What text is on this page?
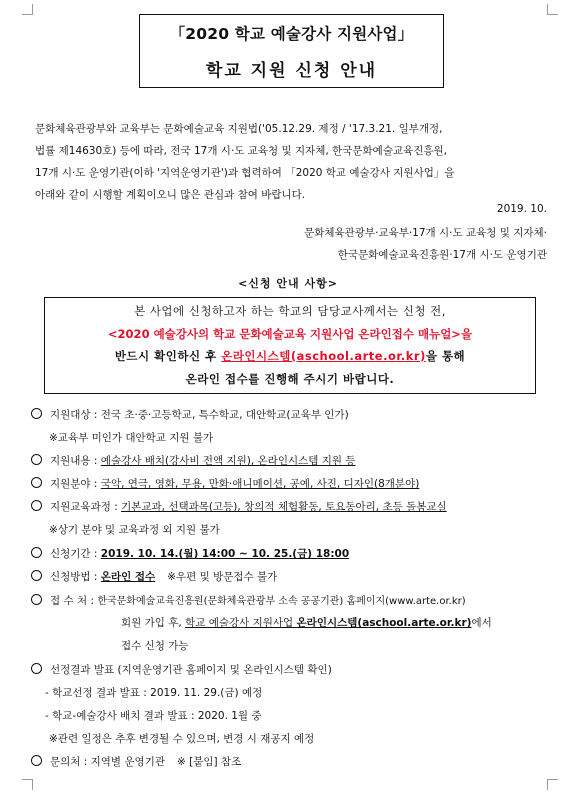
「2020 학교 예술강사 지원사업」
학교 지원 신청 안내

문화체육관광부와 교육부는 문화예술교육 지원법('05.12.29. 제정 / '17.3.21. 일부개정,

법률 제14630호) 등에 따라, 전국 17개 시·도 교육청 및 지자체, 한국문화예술교육진흥원,

17개 시·도 운영기관(이하 '지역운영기관')과 협력하여 「2020 학교 예술강사 지원사업」을

아래와 같이 시행할 계획이오니 많은 관심과 참여 바랍니다.

2019. 10.
문화체육관광부·교육부·17개 시·도 교육청 및 지자체·
한국문화예술교육진흥원·17개 시·도 운영기관
<신청 안내 사항>
본 사업에 신청하고자 하는 학교의 담당교사께서는 신청 전,
<2020 예술강사의 학교 문화예술교육 지원사업 온라인접수 매뉴얼>을
반드시 확인하신 후 온라인시스템(aschool.arte.or.kr)을 통해
온라인 접수를 진행해 주시기 바랍니다.
지원대상 : 전국 초·중·고등학교, 특수학교, 대안학교(교육부 인가)
※교육부 미인가 대안학교 지원 불가
지원내용 : 예술강사 배치(강사비 전액 지원), 온라인시스템 지원 등
지원분야 : 국악, 연극, 영화, 무용, 만화·애니메이션, 공예, 사진, 디자인(8개분야)
지원교육과정 : 기본교과, 선택과목(고등), 창의적 체험활동, 토요동아리, 초등 돌봄교실
※상기 분야 및 교육과정 외 지원 불가
신청기간 : 2019. 10. 14.(월) 14:00 ~ 10. 25.(금) 18:00
신청방법 : 온라인 접수 ※우편 및 방문접수 불가
접 수 처 : 한국문화예술교육진흥원(문화체육관광부 소속 공공기관) 홈페이지(www.arte.or.kr)
회원 가입 후, 학교 예술강사 지원사업 온라인시스템(aschool.arte.or.kr)에서
접수 신청 가능
선정결과 발표 (지역운영기관 홈페이지 및 온라인시스템 확인)
- 학교선정 결과 발표 : 2019. 11. 29.(금) 예정
- 학교-예술강사 배치 결과 발표 : 2020. 1월 중
※관련 일정은 추후 변경될 수 있으며, 변경 시 재공지 예정
문의처 : 지역별 운영기관 ※ [붙임] 참조
